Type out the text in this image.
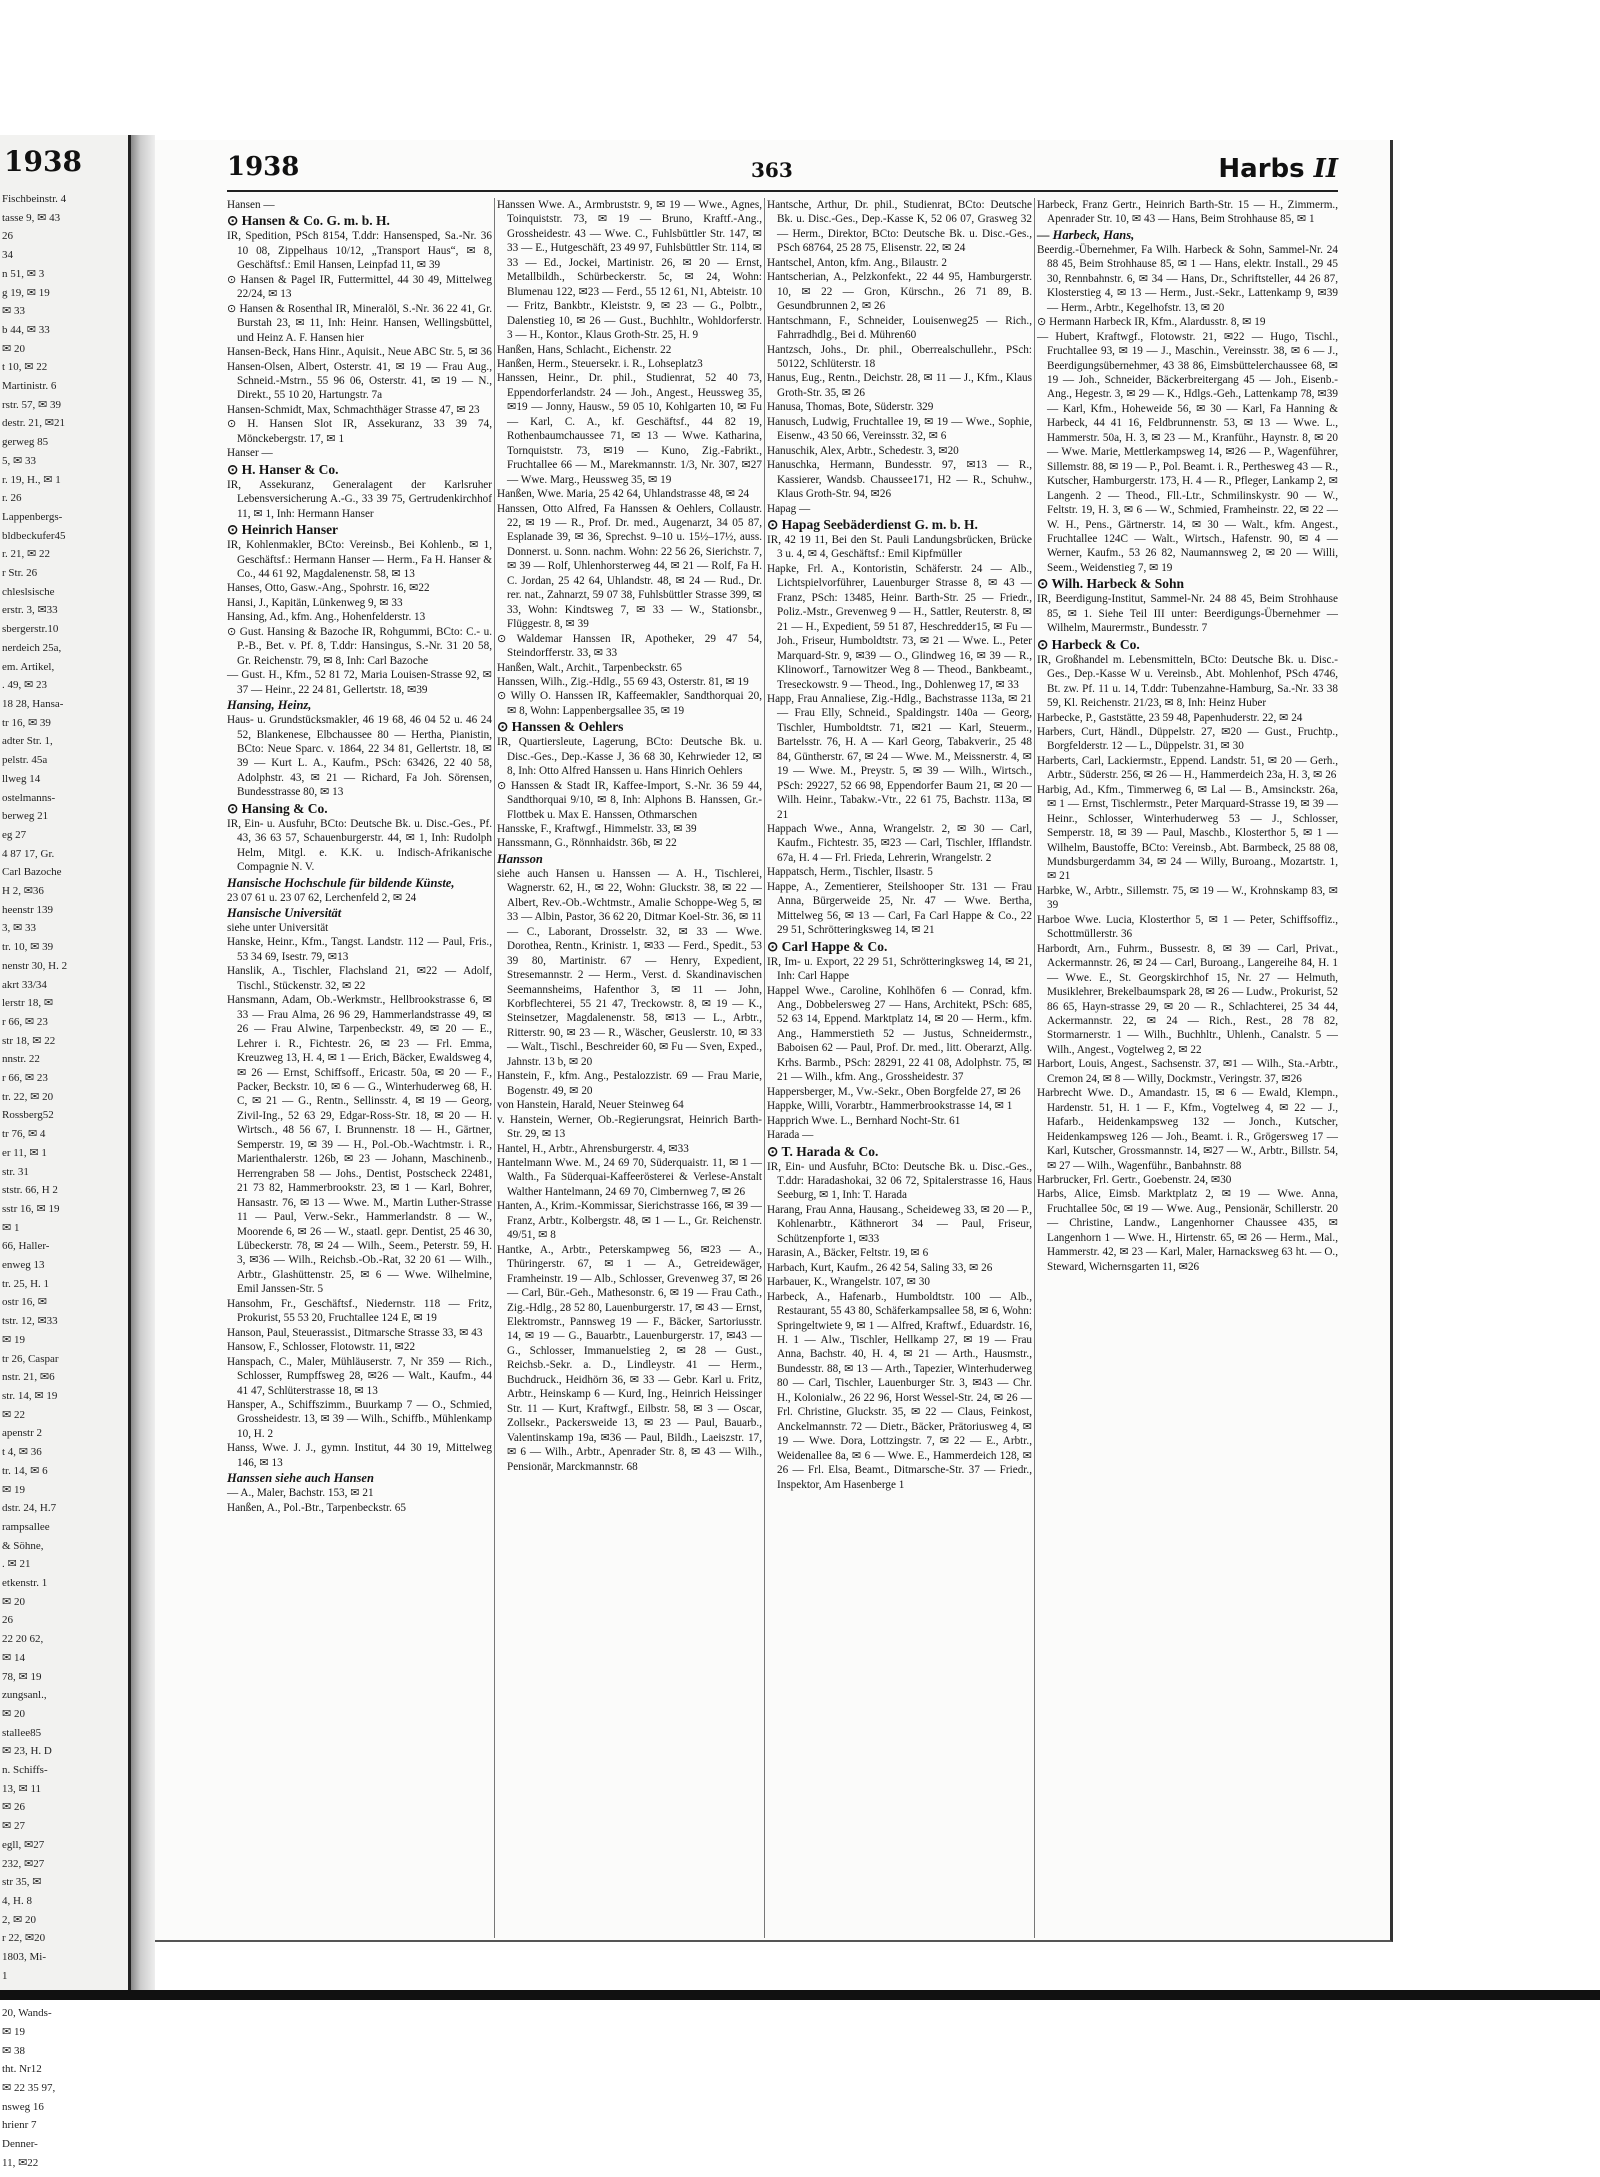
1938
Fischbeinstr. 4
tasse 9, ✉ 43
26
34
n 51, ✉ 3
g 19, ✉ 19
✉ 33
b 44, ✉ 33
✉ 20
t 10, ✉ 22
Martinistr. 6
rstr. 57, ✉ 39
destr. 21, ✉21
gerweg 85
5, ✉ 33
r. 19, H., ✉ 1
r. 26
Lappenbergs-
bldbeckufer45
r. 21, ✉ 22
r Str. 26
chleslsische
erstr. 3, ✉33
sbergerstr.10
nerdeich 25a,
em. Artikel,
. 49, ✉ 23
18 28, Hansa-
tr 16, ✉ 39
adter Str. 1,
pelstr. 45a
llweg 14
ostelmanns-
berweg 21
eg 27
4 87 17, Gr.
Carl Bazoche
H 2, ✉36
heenstr 139
3, ✉ 33
tr. 10, ✉ 39
nenstr 30, H. 2
akrt 33/34
lerstr 18, ✉
r 66, ✉ 23
str 18, ✉ 22
nnstr. 22
r 66, ✉ 23
tr. 22, ✉ 20
Rossberg52
tr 76, ✉ 4
er 11, ✉ 1
str. 31
ststr. 66, H 2
sstr 16, ✉ 19
✉ 1
66, Haller-
enweg 13
tr. 25, H. 1
ostr 16, ✉
tstr. 12, ✉33
✉ 19
tr 26, Caspar
nstr. 21, ✉6
str. 14, ✉ 19
✉ 22
apenstr 2
t 4, ✉ 36
tr. 14, ✉ 6
✉ 19
dstr. 24, H.7
rampsallee
& Söhne,
. ✉ 21
etkenstr. 1
✉ 20
26
22 20 62,
✉ 14
78, ✉ 19
zungsanl.,
✉ 20
stallee85
✉ 23, H. D
n. Schiffs-
13, ✉ 11
✉ 26
✉ 27
egll, ✉27
232, ✉27
str 35, ✉
4, H. 8
2, ✉ 20
r 22, ✉20
1803, Mi-
1
20, Wands-
✉ 19
✉ 38
tht. Nr12
✉ 22 35 97,
nsweg 16
hrienr 7
Denner-
11, ✉22
1938	363	Harbs II

Hansen —

⊙ Hansen & Co. G. m. b. H.

IR, Spedition, PSch 8154, T.ddr: Hansensped, Sa.-Nr. 36 10 08, Zippelhaus 10/12, „Transport Haus“, ✉ 8, Geschäftsf.: Emil Hansen, Leinpfad 11, ✉ 39

⊙ Hansen & Pagel IR, Futtermittel, 44 30 49, Mittelweg 22/24, ✉ 13

⊙ Hansen & Rosenthal IR, Mineralöl, S.-Nr. 36 22 41, Gr. Burstah 23, ✉ 11, Inh: Heinr. Hansen, Wellingsbüttel, und Heinz A. F. Hansen hier

Hansen-Beck, Hans Hinr., Aquisit., Neue ABC Str. 5, ✉ 36

Hansen-Olsen, Albert, Osterstr. 41, ✉ 19 — Frau Aug., Schneid.-Mstrn., 55 96 06, Osterstr. 41, ✉ 19 — N., Direkt., 55 10 20, Hartungstr. 7a

Hansen-Schmidt, Max, Schmachthäger Strasse 47, ✉ 23

⊙ H. Hansen Slot IR, Assekuranz, 33 39 74, Mönckebergstr. 17, ✉ 1

Hanser —

⊙ H. Hanser & Co.

IR, Assekuranz, Generalagent der Karlsruher Lebensversicherung A.-G., 33 39 75, Gertrudenkirchhof 11, ✉ 1, Inh: Hermann Hanser

⊙ Heinrich Hanser

IR, Kohlenmakler, BCto: Vereinsb., Bei Kohlenb., ✉ 1, Geschäftsf.: Hermann Hanser — Herm., Fa H. Hanser & Co., 44 61 92, Magdalenenstr. 58, ✉ 13

Hanses, Otto, Gasw.-Ang., Spohrstr. 16, ✉22

Hansi, J., Kapitän, Lünkenweg 9, ✉ 33

Hansing, Ad., kfm. Ang., Hohenfelderstr. 13

⊙ Gust. Hansing & Bazoche IR, Rohgummi, BCto: C.- u. P.-B., Bet. v. Pf. 8, T.ddr: Hansingus, S.-Nr. 31 20 58, Gr. Reichenstr. 79, ✉ 8, Inh: Carl Bazoche

— Gust. H., Kfm., 52 81 72, Maria Louisen-Strasse 92, ✉ 37 — Heinr., 22 24 81, Gellertstr. 18, ✉39

Hansing, Heinz,

Haus- u. Grundstücksmakler, 46 19 68, 46 04 52 u. 46 24 52, Blankenese, Elbchaussee 80 — Hertha, Pianistin, BCto: Neue Sparc. v. 1864, 22 34 81, Gellertstr. 18, ✉ 39 — Kurt L. A., Kaufm., PSch: 63426, 22 40 58, Adolphstr. 43, ✉ 21 — Richard, Fa Joh. Sörensen, Bundesstrasse 80, ✉ 13

⊙ Hansing & Co.

IR, Ein- u. Ausfuhr, BCto: Deutsche Bk. u. Disc.-Ges., Pf. 43, 36 63 57, Schauenburgerstr. 44, ✉ 1, Inh: Rudolph Helm, Mitgl. e. K.K. u. Indisch-Afrikanische Compagnie N. V.

Hansische Hochschule für bildende Künste,

23 07 61 u. 23 07 62, Lerchenfeld 2, ✉ 24

Hansische Universität

siehe unter Universität

Hanske, Heinr., Kfm., Tangst. Landstr. 112 — Paul, Fris., 53 34 69, Isestr. 79, ✉13

Hanslik, A., Tischler, Flachsland 21, ✉22 — Adolf, Tischl., Stückenstr. 32, ✉ 22

Hansmann, Adam, Ob.-Werkmstr., Hellbrookstrasse 6, ✉ 33 — Frau Alma, 26 96 29, Hammerlandstrasse 49, ✉ 26 — Frau Alwine, Tarpenbeckstr. 49, ✉ 20 — E., Lehrer i. R., Fichtestr. 26, ✉ 23 — Frl. Emma, Kreuzweg 13, H. 4, ✉ 1 — Erich, Bäcker, Ewaldsweg 4, ✉ 26 — Ernst, Schiffsoff., Ericastr. 50a, ✉ 20 — F., Packer, Beckstr. 10, ✉ 6 — G., Winterhuderweg 68, H. C, ✉ 21 — G., Rentn., Sellinsstr. 4, ✉ 19 — Georg, Zivil-Ing., 52 63 29, Edgar-Ross-Str. 18, ✉ 20 — H. Wirtsch., 48 56 67, I. Brunnenstr. 18 — H., Gärtner, Semperstr. 19, ✉ 39 — H., Pol.-Ob.-Wachtmstr. i. R., Marienthalerstr. 126b, ✉ 23 — Johann, Maschinenb., Herrengraben 58 — Johs., Dentist, Postscheck 22481, 21 73 82, Hammerbrookstr. 23, ✉ 1 — Karl, Bohrer, Hansastr. 76, ✉ 13 — Wwe. M., Martin Luther-Strasse 11 — Paul, Verw.-Sekr., Hammerlandstr. 8 — W., Moorende 6, ✉ 26 — W., staatl. gepr. Dentist, 25 46 30, Lübeckerstr. 78, ✉ 24 — Wilh., Seem., Peterstr. 59, H. 3, ✉36 — Wilh., Reichsb.-Ob.-Rat, 32 20 61 — Wilh., Arbtr., Glashüttenstr. 25, ✉ 6 — Wwe. Wilhelmine, Emil Janssen-Str. 5

Hansohm, Fr., Geschäftsf., Niedernstr. 118 — Fritz, Prokurist, 55 53 20, Fruchtallee 124 E, ✉ 19

Hanson, Paul, Steuerassist., Ditmarsche Strasse 33, ✉ 43

Hansow, F., Schlosser, Flotowstr. 11, ✉22

Hanspach, C., Maler, Mühläuserstr. 7, Nr 359 — Rich., Schlosser, Rumpffsweg 28, ✉26 — Walt., Kaufm., 44 41 47, Schlüterstrasse 18, ✉ 13

Hansper, A., Schiffszimm., Buurkamp 7 — O., Schmied, Grossheidestr. 13, ✉ 39 — Wilh., Schiffb., Mühlenkamp 10, H. 2

Hanss, Wwe. J. J., gymn. Institut, 44 30 19, Mittelweg 146, ✉ 13

Hanssen siehe auch Hansen

— A., Maler, Bachstr. 153, ✉ 21

Hanßen, A., Pol.-Btr., Tarpenbeckstr. 65

Hanssen Wwe. A., Armbruststr. 9, ✉ 19 — Wwe., Agnes, Toinquiststr. 73, ✉ 19 — Bruno, Kraftf.-Ang., Grossheidestr. 43 — Wwe. C., Fuhlsbüttler Str. 147, ✉ 33 — E., Hutgeschäft, 23 49 97, Fuhlsbüttler Str. 114, ✉ 33 — Ed., Jockei, Martinistr. 26, ✉ 20 — Ernst, Metallbildh., Schürbeckerstr. 5c, ✉ 24, Wohn: Blumenau 122, ✉23 — Ferd., 55 12 61, N1, Abteistr. 10 — Fritz, Bankbtr., Kleiststr. 9, ✉ 23 — G., Polbtr., Dalenstieg 10, ✉ 26 — Gust., Buchhltr., Wohldorferstr. 3 — H., Kontor., Klaus Groth-Str. 25, H. 9

Hanßen, Hans, Schlacht., Eichenstr. 22

Hanßen, Herm., Steuersekr. i. R., Lohseplatz3

Hanssen, Heinr., Dr. phil., Studienrat, 52 40 73, Eppendorferlandstr. 24 — Joh., Angest., Heussweg 35, ✉19 — Jonny, Hausw., 59 05 10, Kohlgarten 10, ✉ Fu — Karl, C. A., kf. Geschäftsf., 44 82 19, Rothenbaumchaussee 71, ✉ 13 — Wwe. Katharina, Tornquiststr. 73, ✉19 — Kuno, Zig.-Fabrikt., Fruchtallee 66 — M., Marekmannstr. 1/3, Nr. 307, ✉27 — Wwe. Marg., Heussweg 35, ✉ 19

Hanßen, Wwe. Maria, 25 42 64, Uhlandstrasse 48, ✉ 24

Hanssen, Otto Alfred, Fa Hanssen & Oehlers, Collaustr. 22, ✉ 19 — R., Prof. Dr. med., Augenarzt, 34 05 87, Esplanade 39, ✉ 36, Sprechst. 9–10 u. 15½–17½, auss. Donnerst. u. Sonn. nachm. Wohn: 22 56 26, Sierichstr. 7, ✉ 39 — Rolf, Uhlenhorsterweg 44, ✉ 21 — Rolf, Fa H. C. Jordan, 25 42 64, Uhlandstr. 48, ✉ 24 — Rud., Dr. rer. nat., Zahnarzt, 59 07 38, Fuhlsbüttler Strasse 399, ✉ 33, Wohn: Kindtsweg 7, ✉ 33 — W., Stationsbr., Flüggestr. 8, ✉ 39

⊙ Waldemar Hanssen IR, Apotheker, 29 47 54, Steindorfferstr. 33, ✉ 33

Hanßen, Walt., Archit., Tarpenbeckstr. 65

Hanssen, Wilh., Zig.-Hdlg., 55 69 43, Osterstr. 81, ✉ 19

⊙ Willy O. Hanssen IR, Kaffeemakler, Sandthorquai 20, ✉ 8, Wohn: Lappenbergsallee 35, ✉ 19

⊙ Hanssen & Oehlers

IR, Quartiersleute, Lagerung, BCto: Deutsche Bk. u. Disc.-Ges., Dep.-Kasse J, 36 68 30, Kehrwieder 12, ✉ 8, Inh: Otto Alfred Hanssen u. Hans Hinrich Oehlers

⊙ Hanssen & Stadt IR, Kaffee-Import, S.-Nr. 36 59 44, Sandthorquai 9/10, ✉ 8, Inh: Alphons B. Hanssen, Gr.-Flottbek u. Max E. Hanssen, Othmarschen

Hansske, F., Kraftwgf., Himmelstr. 33, ✉ 39

Hanssmann, G., Rönnhaidstr. 36b, ✉ 22

Hansson

siehe auch Hansen u. Hanssen — A. H., Tischlerei, Wagnerstr. 62, H., ✉ 22, Wohn: Gluckstr. 38, ✉ 22 — Albert, Rev.-Ob.-Wchtmstr., Amalie Schoppe-Weg 5, ✉ 33 — Albin, Pastor, 36 62 20, Ditmar Koel-Str. 36, ✉ 11 — C., Laborant, Drosselstr. 32, ✉ 33 — Wwe. Dorothea, Rentn., Krinistr. 1, ✉33 — Ferd., Spedit., 53 39 80, Martinistr. 67 — Henry, Expedient, Stresemannstr. 2 — Herm., Verst. d. Skandinavischen Seemannsheims, Hafenthor 3, ✉ 11 — John, Korbflechterei, 55 21 47, Treckowstr. 8, ✉ 19 — K., Steinsetzer, Magdalenenstr. 58, ✉13 — L., Arbtr., Ritterstr. 90, ✉ 23 — R., Wäscher, Geuslerstr. 10, ✉ 33 — Walt., Tischl., Beschreider 60, ✉ Fu — Sven, Exped., Jahnstr. 13 b, ✉ 20

Hanstein, F., kfm. Ang., Pestalozzistr. 69 — Frau Marie, Bogenstr. 49, ✉ 20

von Hanstein, Harald, Neuer Steinweg 64

v. Hanstein, Werner, Ob.-Regierungsrat, Heinrich Barth-Str. 29, ✉ 13

Hantel, H., Arbtr., Ahrensburgerstr. 4, ✉33

Hantelmann Wwe. M., 24 69 70, Süderquaistr. 11, ✉ 1 — Walth., Fa Süderquai-Kaffeerösterei & Verlese-Anstalt Walther Hantelmann, 24 69 70, Cimbernweg 7, ✉ 26

Hanten, A., Krim.-Kommissar, Sierichstrasse 166, ✉ 39 — Franz, Arbtr., Kolbergstr. 48, ✉ 1 — L., Gr. Reichenstr. 49/51, ✉ 8

Hantke, A., Arbtr., Peterskampweg 56, ✉23 — A., Thüringerstr. 67, ✉ 1 — A., Getreidewäger, Framheinstr. 19 — Alb., Schlosser, Grevenweg 37, ✉ 26 — Carl, Bür.-Geh., Mathesonstr. 6, ✉ 19 — Frau Cath., Zig.-Hdlg., 28 52 80, Lauenburgerstr. 17, ✉ 43 — Ernst, Elektromstr., Pannsweg 19 — F., Bäcker, Sartoriusstr. 14, ✉ 19 — G., Bauarbtr., Lauenburgerstr. 17, ✉43 — G., Schlosser, Immanuelstieg 2, ✉ 28 — Gust., Reichsb.-Sekr. a. D., Lindleystr. 41 — Herm., Buchdruck., Heidhörn 36, ✉ 33 — Gebr. Karl u. Fritz, Arbtr., Heinskamp 6 — Kurd, Ing., Heinrich Heissinger Str. 11 — Kurt, Kraftwgf., Eilbstr. 58, ✉ 3 — Oscar, Zollsekr., Packersweide 13, ✉ 23 — Paul, Bauarb., Valentinskamp 19a, ✉36 — Paul, Bildh., Laeiszstr. 17, ✉ 6 — Wilh., Arbtr., Apenrader Str. 8, ✉ 43 — Wilh., Pensionär, Marckmannstr. 68

Hantsche, Arthur, Dr. phil., Studienrat, BCto: Deutsche Bk. u. Disc.-Ges., Dep.-Kasse K, 52 06 07, Grasweg 32 — Herm., Direktor, BCto: Deutsche Bk. u. Disc.-Ges., PSch 68764, 25 28 75, Elisenstr. 22, ✉ 24

Hantschel, Anton, kfm. Ang., Bilaustr. 2

Hantscherian, A., Pelzkonfekt., 22 44 95, Hamburgerstr. 10, ✉ 22 — Gron, Kürschn., 26 71 89, B. Gesundbrunnen 2, ✉ 26

Hantschmann, F., Schneider, Louisenweg25 — Rich., Fahrradhdlg., Bei d. Mühren60

Hantzsch, Johs., Dr. phil., Oberrealschullehr., PSch: 50122, Schlüterstr. 18

Hanus, Eug., Rentn., Deichstr. 28, ✉ 11 — J., Kfm., Klaus Groth-Str. 35, ✉ 26

Hanusa, Thomas, Bote, Süderstr. 329

Hanusch, Ludwig, Fruchtallee 19, ✉ 19 — Wwe., Sophie, Eisenw., 43 50 66, Vereinsstr. 32, ✉ 6

Hanuschik, Alex, Arbtr., Schedestr. 3, ✉20

Hanuschka, Hermann, Bundesstr. 97, ✉13 — R., Kassierer, Wandsb. Chaussee171, H2 — R., Schuhw., Klaus Groth-Str. 94, ✉26

Hapag —

⊙ Hapag Seebäderdienst G. m. b. H.

IR, 42 19 11, Bei den St. Pauli Landungsbrücken, Brücke 3 u. 4, ✉ 4, Geschäftsf.: Emil Kipfmüller

Hapke, Frl. A., Kontoristin, Schäferstr. 24 — Alb., Lichtspielvorführer, Lauenburger Strasse 8, ✉ 43 — Franz, PSch: 13485, Heinr. Barth-Str. 25 — Friedr., Poliz.-Mstr., Grevenweg 9 — H., Sattler, Reuterstr. 8, ✉ 21 — H., Expedient, 59 51 87, Heschredder15, ✉ Fu — Joh., Friseur, Humboldtstr. 73, ✉ 21 — Wwe. L., Peter Marquard-Str. 9, ✉39 — O., Glindweg 16, ✉ 39 — R., Klinoworf., Tarnowitzer Weg 8 — Theod., Bankbeamt., Treseckowstr. 9 — Theod., Ing., Dohlenweg 17, ✉ 33

Happ, Frau Annaliese, Zig.-Hdlg., Bachstrasse 113a, ✉ 21 — Frau Elly, Schneid., Spaldingstr. 140a — Georg, Tischler, Humboldtstr. 71, ✉21 — Karl, Steuerm., Bartelsstr. 76, H. A — Karl Georg, Tabakverir., 25 48 84, Güntherstr. 67, ✉ 24 — Wwe. M., Meissnerstr. 4, ✉ 19 — Wwe. M., Preystr. 5, ✉ 39 — Wilh., Wirtsch., PSch: 29227, 52 66 98, Eppendorfer Baum 21, ✉ 20 — Wilh. Heinr., Tabakw.-Vtr., 22 61 75, Bachstr. 113a, ✉ 21

Happach Wwe., Anna, Wrangelstr. 2, ✉ 30 — Carl, Kaufm., Fichtestr. 35, ✉23 — Carl, Tischler, Ifflandstr. 67a, H. 4 — Frl. Frieda, Lehrerin, Wrangelstr. 2

Happatsch, Herm., Tischler, Ilsastr. 5

Happe, A., Zementierer, Steilshooper Str. 131 — Frau Anna, Bürgerweide 25, Nr. 47 — Wwe. Bertha, Mittelweg 56, ✉ 13 — Carl, Fa Carl Happe & Co., 22 29 51, Schrötteringksweg 14, ✉ 21

⊙ Carl Happe & Co.

IR, Im- u. Export, 22 29 51, Schrötteringksweg 14, ✉ 21, Inh: Carl Happe

Happel Wwe., Caroline, Kohlhöfen 6 — Conrad, kfm. Ang., Dobbelersweg 27 — Hans, Architekt, PSch: 685, 52 63 14, Eppend. Marktplatz 14, ✉ 20 — Herm., kfm. Ang., Hammerstieth 52 — Justus, Schneidermstr., Baboisen 62 — Paul, Prof. Dr. med., litt. Oberarzt, Allg. Krhs. Barmb., PSch: 28291, 22 41 08, Adolphstr. 75, ✉ 21 — Wilh., kfm. Ang., Grossheidestr. 37

Happersberger, M., Vw.-Sekr., Oben Borgfelde 27, ✉ 26

Happke, Willi, Vorarbtr., Hammerbrookstrasse 14, ✉ 1

Happrich Wwe. L., Bernhard Nocht-Str. 61

Harada —

⊙ T. Harada & Co.

IR, Ein- und Ausfuhr, BCto: Deutsche Bk. u. Disc.-Ges., T.ddr: Haradashokai, 32 06 72, Spitalerstrasse 16, Haus Seeburg, ✉ 1, Inh: T. Harada

Harang, Frau Anna, Hausang., Scheideweg 33, ✉ 20 — P., Kohlenarbtr., Käthnerort 34 — Paul, Friseur, Schützenpforte 1, ✉33

Harasin, A., Bäcker, Feltstr. 19, ✉ 6

Harbach, Kurt, Kaufm., 26 42 54, Saling 33, ✉ 26

Harbauer, K., Wrangelstr. 107, ✉ 30

Harbeck, A., Hafenarb., Humboldtstr. 100 — Alb., Restaurant, 55 43 80, Schäferkampsallee 58, ✉ 6, Wohn: Springeltwiete 9, ✉ 1 — Alfred, Kraftwf., Eduardstr. 16, H. 1 — Alw., Tischler, Hellkamp 27, ✉ 19 — Frau Anna, Bachstr. 40, H. 4, ✉ 21 — Arth., Hausmstr., Bundesstr. 88, ✉ 13 — Arth., Tapezier, Winterhuderweg 80 — Carl, Tischler, Lauenburger Str. 3, ✉43 — Chr. H., Kolonialw., 26 22 96, Horst Wessel-Str. 24, ✉ 26 — Frl. Christine, Gluckstr. 35, ✉ 22 — Claus, Feinkost, Anckelmannstr. 72 — Dietr., Bäcker, Prätoriusweg 4, ✉ 19 — Wwe. Dora, Lottzingstr. 7, ✉ 22 — E., Arbtr., Weidenallee 8a, ✉ 6 — Wwe. E., Hammerdeich 128, ✉ 26 — Frl. Elsa, Beamt., Ditmarsche-Str. 37 — Friedr., Inspektor, Am Hasenberge 1

Harbeck, Franz Gertr., Heinrich Barth-Str. 15 — H., Zimmerm., Apenrader Str. 10, ✉ 43 — Hans, Beim Strohhause 85, ✉ 1

— Harbeck, Hans,

Beerdig.-Übernehmer, Fa Wilh. Harbeck & Sohn, Sammel-Nr. 24 88 45, Beim Strohhause 85, ✉ 1 — Hans, elektr. Install., 29 45 30, Rennbahnstr. 6, ✉ 34 — Hans, Dr., Schriftsteller, 44 26 87, Klosterstieg 4, ✉ 13 — Herm., Just.-Sekr., Lattenkamp 9, ✉39 — Herm., Arbtr., Kegelhofstr. 13, ✉ 20

⊙ Hermann Harbeck IR, Kfm., Alardusstr. 8, ✉ 19

— Hubert, Kraftwgf., Flotowstr. 21, ✉22 — Hugo, Tischl., Fruchtallee 93, ✉ 19 — J., Maschin., Vereinsstr. 38, ✉ 6 — J., Beerdigungsübernehmer, 43 38 86, Eimsbüttelerchaussee 68, ✉ 19 — Joh., Schneider, Bäckerbreitergang 45 — Joh., Eisenb.-Ang., Hegestr. 3, ✉ 29 — K., Hdlgs.-Geh., Lattenkamp 78, ✉39 — Karl, Kfm., Hoheweide 56, ✉ 30 — Karl, Fa Hanning & Harbeck, 44 41 16, Feldbrunnenstr. 53, ✉ 13 — Wwe. L., Hammerstr. 50a, H. 3, ✉ 23 — M., Kranführ., Haynstr. 8, ✉ 20 — Wwe. Marie, Mettlerkampsweg 14, ✉26 — P., Wagenführer, Sillemstr. 88, ✉ 19 — P., Pol. Beamt. i. R., Perthesweg 43 — R., Kutscher, Hamburgerstr. 173, H. 4 — R., Pfleger, Lankamp 2, ✉ Langenh. 2 — Theod., Fll.-Ltr., Schmilinskystr. 90 — W., Feltstr. 19, H. 3, ✉ 6 — W., Schmied, Framheinstr. 22, ✉ 22 — W. H., Pens., Gärtnerstr. 14, ✉ 30 — Walt., kfm. Angest., Fruchtallee 124C — Walt., Wirtsch., Hafenstr. 90, ✉ 4 — Werner, Kaufm., 53 26 82, Naumannsweg 2, ✉ 20 — Willi, Seem., Weidenstieg 7, ✉ 19

⊙ Wilh. Harbeck & Sohn

IR, Beerdigung-Institut, Sammel-Nr. 24 88 45, Beim Strohhause 85, ✉ 1. Siehe Teil III unter: Beerdigungs-Übernehmer — Wilhelm, Maurermstr., Bundesstr. 7

⊙ Harbeck & Co.

IR, Großhandel m. Lebensmitteln, BCto: Deutsche Bk. u. Disc.-Ges., Dep.-Kasse W u. Vereinsb., Abt. Mohlenhof, PSch 4746, Bt. zw. Pf. 11 u. 14, T.ddr: Tubenzahne-Hamburg, Sa.-Nr. 33 38 59, Kl. Reichenstr. 21/23, ✉ 8, Inh: Heinz Huber

Harbecke, P., Gaststätte, 23 59 48, Papenhuderstr. 22, ✉ 24

Harbers, Curt, Händl., Düppelstr. 27, ✉20 — Gust., Fruchtp., Borgfelderstr. 12 — L., Düppelstr. 31, ✉ 30

Harberts, Carl, Lackiermstr., Eppend. Landstr. 51, ✉ 20 — Gerh., Arbtr., Süderstr. 256, ✉ 26 — H., Hammerdeich 23a, H. 3, ✉ 26

Harbig, Ad., Kfm., Timmerweg 6, ✉ Lal — B., Amsinckstr. 26a, ✉ 1 — Ernst, Tischlermstr., Peter Marquard-Strasse 19, ✉ 39 — Heinr., Schlosser, Winterhuderweg 53 — J., Schlosser, Semperstr. 18, ✉ 39 — Paul, Maschb., Klosterthor 5, ✉ 1 — Wilhelm, Baustoffe, BCto: Vereinsb., Abt. Barmbeck, 25 88 08, Mundsburgerdamm 34, ✉ 24 — Willy, Buroang., Mozartstr. 1, ✉ 21

Harbke, W., Arbtr., Sillemstr. 75, ✉ 19 — W., Krohnskamp 83, ✉ 39

Harboe Wwe. Lucia, Klosterthor 5, ✉ 1 — Peter, Schiffsoffiz., Schottmüllerstr. 36

Harbordt, Arn., Fuhrm., Bussestr. 8, ✉ 39 — Carl, Privat., Ackermannstr. 26, ✉ 24 — Carl, Buroang., Langereihe 84, H. 1 — Wwe. E., St. Georgskirchhof 15, Nr. 27 — Helmuth, Musiklehrer, Brekelbaumspark 28, ✉ 26 — Ludw., Prokurist, 52 86 65, Hayn-strasse 29, ✉ 20 — R., Schlachterei, 25 34 44, Ackermannstr. 22, ✉ 24 — Rich., Rest., 28 78 82, Stormarnerstr. 1 — Wilh., Buchhltr., Uhlenh., Canalstr. 5 — Wilh., Angest., Vogtelweg 2, ✉ 22

Harbort, Louis, Angest., Sachsenstr. 37, ✉1 — Wilh., Sta.-Arbtr., Cremon 24, ✉ 8 — Willy, Dockmstr., Veringstr. 37, ✉26

Harbrecht Wwe. D., Amandastr. 15, ✉ 6 — Ewald, Klempn., Hardenstr. 51, H. 1 — F., Kfm., Vogtelweg 4, ✉ 22 — J., Hafarb., Heidenkampsweg 132 — Jonch., Kutscher, Heidenkampsweg 126 — Joh., Beamt. i. R., Grögersweg 17 — Karl, Kutscher, Grossmannstr. 14, ✉27 — W., Arbtr., Billstr. 54, ✉ 27 — Wilh., Wagenführ., Banbahnstr. 88

Harbrucker, Frl. Gertr., Goebenstr. 24, ✉30

Harbs, Alice, Eimsb. Marktplatz 2, ✉ 19 — Wwe. Anna, Fruchtallee 50c, ✉ 19 — Wwe. Aug., Pensionär, Schillerstr. 20 — Christine, Landw., Langenhorner Chaussee 435, ✉ Langenhorn 1 — Wwe. H., Hirtenstr. 65, ✉ 26 — Herm., Mal., Hammerstr. 42, ✉ 23 — Karl, Maler, Harnacksweg 63 ht. — O., Steward, Wichernsgarten 11, ✉26
